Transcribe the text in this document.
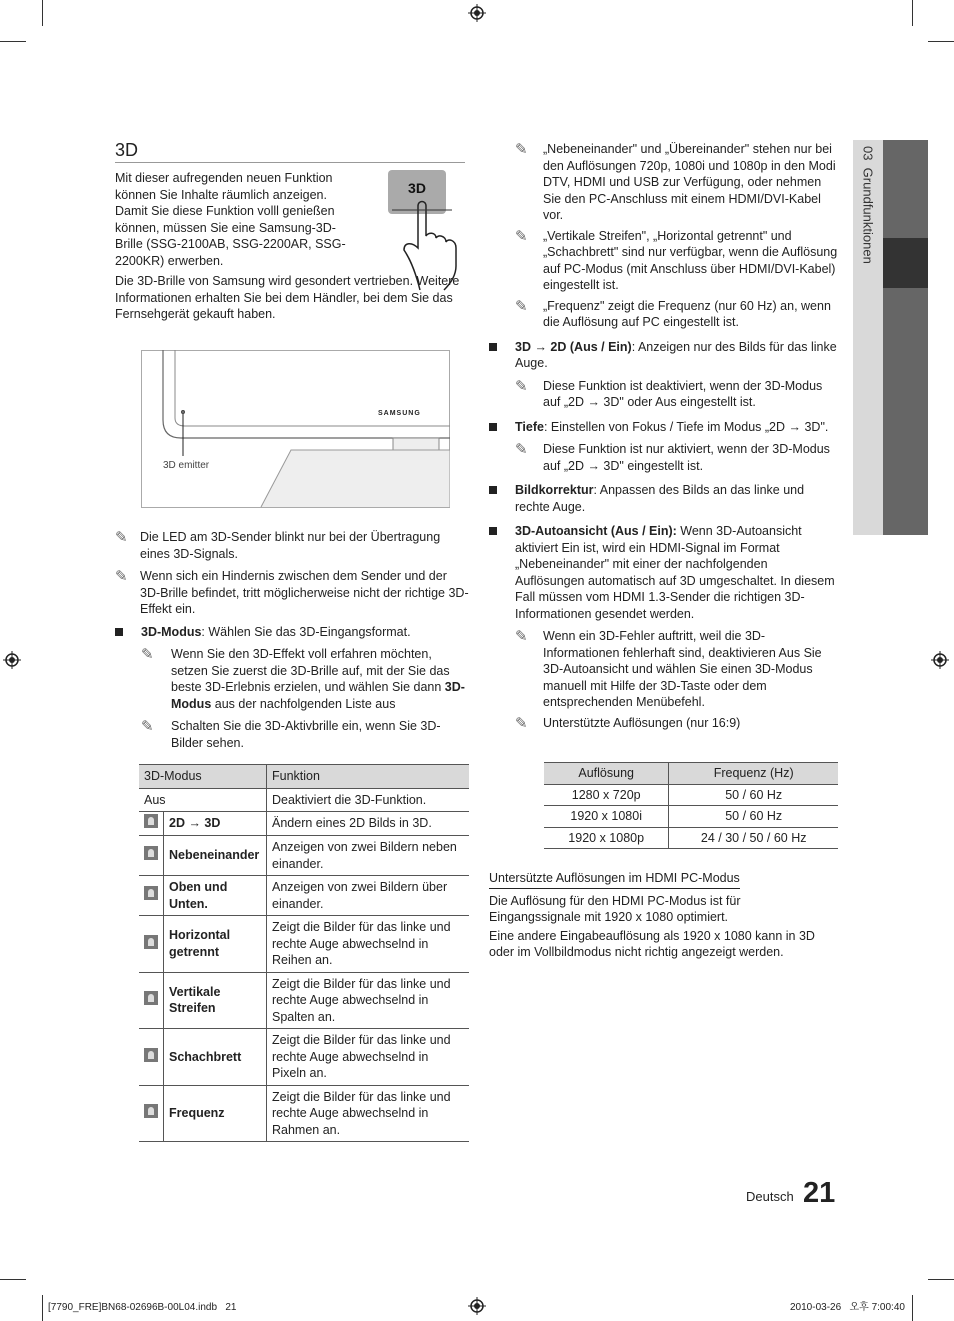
03  Grundfunktionen
3D
Mit dieser aufregenden neuen Funktion können Sie Inhalte räumlich anzeigen. Damit Sie diese Funktion volll genießen können, müssen Sie eine Samsung-3D-Brille (SSG-2100AB, SSG-2200AR, SSG-2200KR) erwerben.
Die 3D-Brille von Samsung wird gesondert vertrieben. Weitere Informationen erhalten Sie bei dem Händler, bei dem Sie das Fernsehgerät gekauft haben.
3D
SAMSUNG
3D emitter
✎ Die LED am 3D-Sender blinkt nur bei der Übertragung eines 3D-Signals.
✎ Wenn sich ein Hindernis zwischen dem Sender und der 3D-Brille befindet, tritt möglicherweise nicht der richtige 3D-Effekt ein.
3D-Modus: Wählen Sie das 3D-Eingangsformat.
✎ Wenn Sie den 3D-Effekt voll erfahren möchten, setzen Sie zuerst die 3D-Brille auf, mit der Sie das beste 3D-Erlebnis erzielen, und wählen Sie dann 3D-Modus aus der nachfolgenden Liste aus
✎ Schalten Sie die 3D-Aktivbrille ein, wenn Sie 3D-Bilder sehen.
3D-Modus		Funktion
Aus		Deaktiviert die 3D-Funktion.
	2D → 3D	Ändern eines 2D Bilds in 3D.
	Nebeneinander	Anzeigen von zwei Bildern neben einander.
	Oben und Unten.	Anzeigen von zwei Bildern über einander.
	Horizontal getrennt	Zeigt die Bilder für das linke und rechte Auge abwechselnd in Reihen an.
	Vertikale Streifen	Zeigt die Bilder für das linke und rechte Auge abwechselnd in Spalten an.
	Schachbrett	Zeigt die Bilder für das linke und rechte Auge abwechselnd in Pixeln an.
	Frequenz	Zeigt die Bilder für das linke und rechte Auge abwechselnd in Rahmen an.
✎ „Nebeneinander" und „Übereinander" stehen nur bei den Auflösungen 720p, 1080i und 1080p in den Modi DTV, HDMI und USB zur Verfügung, oder nehmen Sie den PC-Anschluss mit einem HDMI/DVI-Kabel vor.
✎ „Vertikale Streifen", „Horizontal getrennt" und „Schachbrett" sind nur verfügbar, wenn die Auflösung auf PC-Modus (mit Anschluss über HDMI/DVI-Kabel) eingestellt ist.
✎ „Frequenz" zeigt die Frequenz (nur 60 Hz) an, wenn die Auflösung auf PC eingestellt ist.
3D → 2D (Aus / Ein): Anzeigen nur des Bilds für das linke Auge.
✎ Diese Funktion ist deaktiviert, wenn der 3D-Modus auf „2D → 3D" oder Aus eingestellt ist.
Tiefe: Einstellen von Fokus / Tiefe im Modus „2D → 3D".
✎ Diese Funktion ist nur aktiviert, wenn der 3D-Modus auf „2D → 3D" eingestellt ist.
Bildkorrektur: Anpassen des Bilds an das linke und rechte Auge.
3D-Autoansicht (Aus / Ein): Wenn 3D-Autoansicht aktiviert Ein ist, wird ein HDMI-Signal im Format „Nebeneinander" mit einer der nachfolgenden Auflösungen automatisch auf 3D umgeschaltet. In diesem Fall müssen vom HDMI 1.3-Sender die richtigen 3D-Informationen gesendet werden.
✎ Wenn ein 3D-Fehler auftritt, weil die 3D-Informationen fehlerhaft sind, deaktivieren Aus Sie 3D-Autoansicht und wählen Sie einen 3D-Modus manuell mit Hilfe der 3D-Taste oder dem entsprechenden Menübefehl.
✎ Unterstützte Auflösungen (nur 16:9)
Auflösung	Frequenz (Hz)
1280 x 720p	50 / 60 Hz
1920 x 1080i	50 / 60 Hz
1920 x 1080p	24 / 30 / 50 / 60 Hz
Untersützte Auflösungen im HDMI PC-Modus
Die Auflösung für den HDMI PC-Modus ist für Eingangssignale mit 1920 x 1080 optimiert.
Eine andere Eingabeauflösung als 1920 x 1080 kann in 3D oder im Vollbildmodus nicht richtig angezeigt werden.
Deutsch 21
[7790_FRE]BN68-02696B-00L04.indb   21	2010-03-26   오후 7:00:40
